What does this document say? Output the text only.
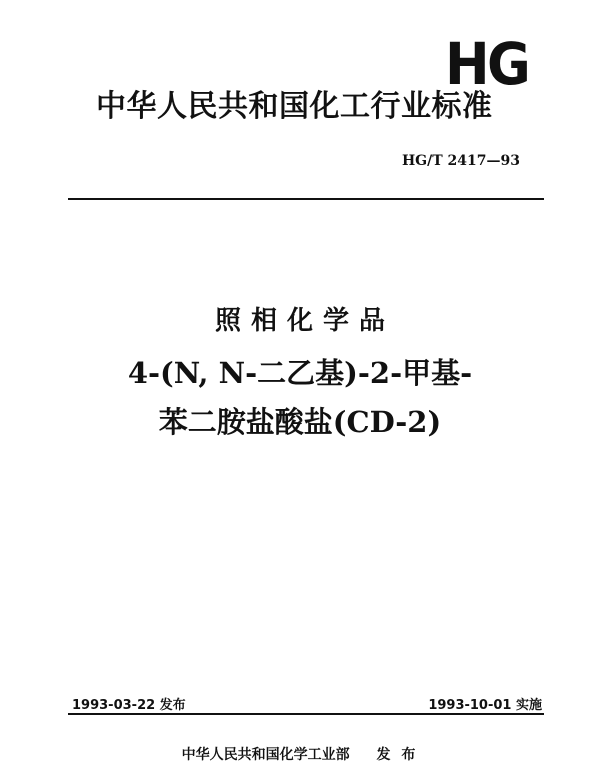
HG
中华人民共和国化工行业标准
HG/T 2417—93
照相化学品
4-(N, N-二乙基)-2-甲基-
苯二胺盐酸盐(CD-2)
1993-03-22 发布	1993-10-01 实施
中华人民共和国化学工业部 发 布
